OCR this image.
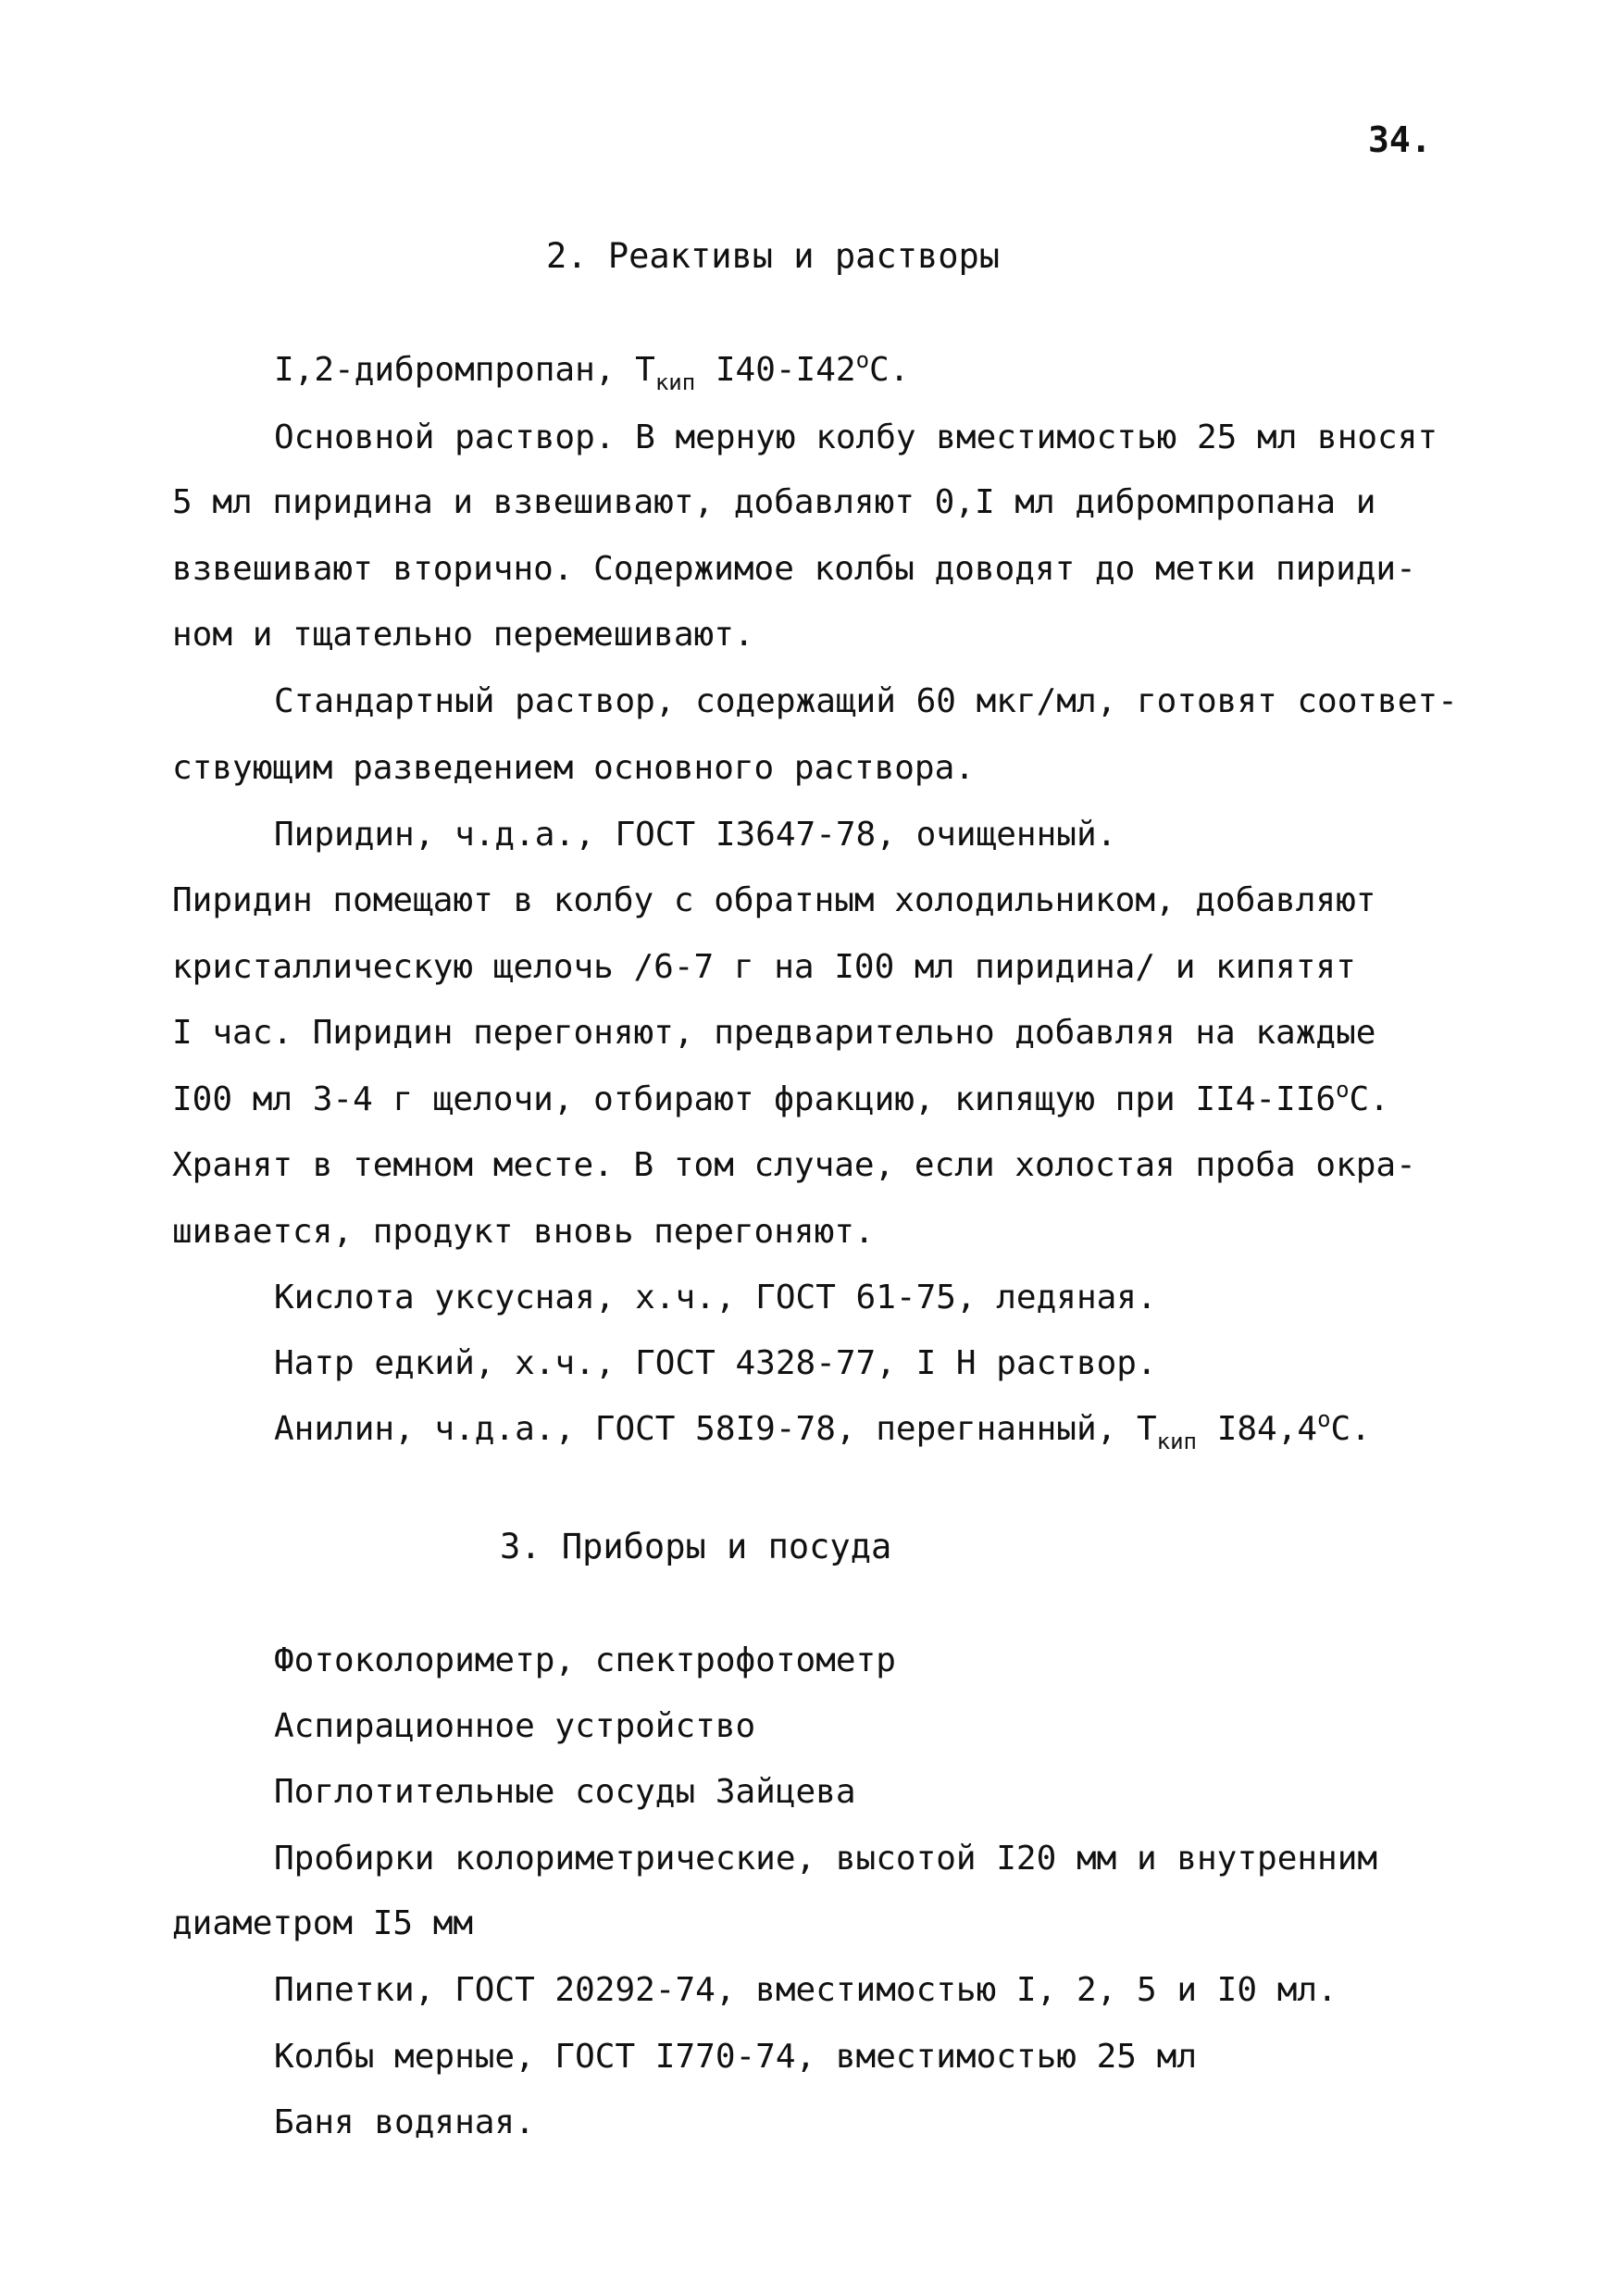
34.
2. Реактивы и растворы
I,2-дибромпропан, $Т_{кип}$ $I40-I42^оС$.
Основной раствор. В мерную колбу вместимостью 25 мл вносят
5 мл пиридина и взвешивают, добавляют 0,I мл дибромпропана и
взвешивают вторично. Содержимое колбы доводят до метки пириди-
ном и тщательно перемешивают.
Стандартный раствор, содержащий 60 мкг/мл, готовят соответ-
ствующим разведением основного раствора.
Пиридин, ч.д.а., ГОСТ I3647-78, очищенный.
Пиридин помещают в колбу с обратным холодильником, добавляют
кристаллическую щелочь /6-7 г на I00 мл пиридина/ и кипятят
I час. Пиридин перегоняют, предварительно добавляя на каждые
I00 мл 3-4 г щелочи, отбирают фракцию, кипящую при $II4-II6^оС$.
Хранят в темном месте. В том случае, если холостая проба окра-
шивается, продукт вновь перегоняют.
Кислота уксусная, х.ч., ГОСТ 61-75, ледяная.
Натр едкий, х.ч., ГОСТ 4328-77, I Н раствор.
Анилин, ч.д.а., ГОСТ 58I9-78, перегнанный, $Т_{кип}$ $I84,4^оС$.
3. Приборы и посуда
Фотоколориметр, спектрофотометр
Аспирационное устройство
Поглотительные сосуды Зайцева
Пробирки колориметрические, высотой I20 мм и внутренним
диаметром I5 мм
Пипетки, ГОСТ 20292-74, вместимостью I, 2, 5 и I0 мл.
Колбы мерные, ГОСТ I770-74, вместимостью 25 мл
Баня водяная.
